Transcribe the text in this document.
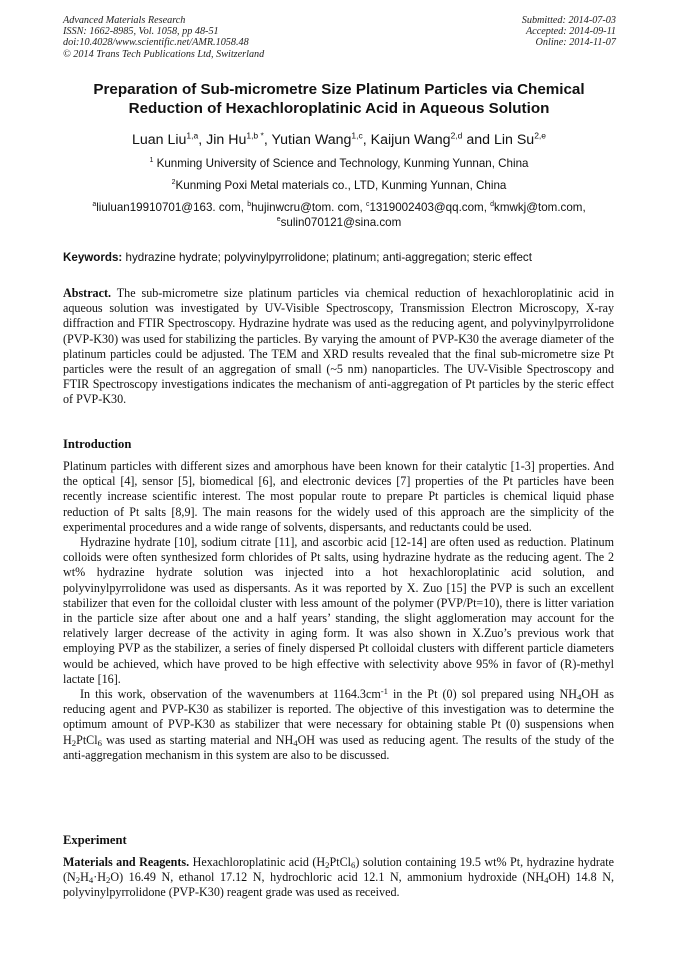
Advanced Materials Research
ISSN: 1662-8985, Vol. 1058, pp 48-51
doi:10.4028/www.scientific.net/AMR.1058.48
© 2014 Trans Tech Publications Ltd, Switzerland
Submitted: 2014-07-03
Accepted: 2014-09-11
Online: 2014-11-07
Preparation of Sub-micrometre Size Platinum Particles via Chemical
Reduction of Hexachloroplatinic Acid in Aqueous Solution
Luan Liu$^{1,a}$, Jin $Hu^{1,b *}$, Yutian Wang$^{1,c}$, Kaijun Wang$^{2,d}$ and Lin Su$^{2,e}$
$^1$ Kunming University of Science and Technology, Kunming Yunnan, China
$^2$Kunming Poxi Metal materials co., LTD, Kunming Yunnan, China
$^a$liuluan19910701@163. com, $^b$hujinwcru@tom. com, $^c$1319002403@qq.com, $^d$kmwkj@tom.com,
$^e$sulin070121@sina.com
Keywords: hydrazine hydrate; polyvinylpyrrolidone; platinum; anti-aggregation; steric effect

Abstract. The sub-micrometre size platinum particles via chemical reduction of hexachloroplatinic acid in aqueous solution was investigated by UV-Visible Spectroscopy, Transmission Electron Microscopy, X-ray diffraction and FTIR Spectroscopy. Hydrazine hydrate was used as the reducing agent, and polyvinylpyrrolidone (PVP-K30) was used for stabilizing the particles. By varying the amount of PVP-K30 the average diameter of the platinum particles could be adjusted. The TEM and XRD results revealed that the final sub-micrometre size Pt particles were the result of an aggregation of small (~5 nm) nanoparticles. The UV-Visible Spectroscopy and FTIR Spectroscopy investigations indicates the mechanism of anti-aggregation of Pt particles by the steric effect of PVP-K30.

Introduction

Platinum particles with different sizes and amorphous have been known for their catalytic [1-3] properties. And the optical [4], sensor [5], biomedical [6], and electronic devices [7] properties of the Pt particles have been recently increase scientific interest. The most popular route to prepare Pt particles is chemical liquid phase reduction of Pt salts [8,9]. The main reasons for the widely used of this approach are the simplicity of the experimental procedures and a wide range of solvents, dispersants, and reductants could be used.

Hydrazine hydrate [10], sodium citrate [11], and ascorbic acid [12-14] are often used as reduction. Platinum colloids were often synthesized form chlorides of Pt salts, using hydrazine hydrate as the reducing agent. The 2 wt% hydrazine hydrate solution was injected into a hot hexachloroplatinic acid solution, and polyvinylpyrrolidone was used as dispersants. As it was reported by X. Zuo [15] the PVP is such an excellent stabilizer that even for the colloidal cluster with less amount of the polymer (PVP/Pt=10), there is litter variation in the particle size after about one and a half years’ standing, the slight agglomeration may account for the relatively larger decrease of the activity in aging form. It was also shown in X.Zuo’s previous work that employing PVP as the stabilizer, a series of finely dispersed Pt colloidal clusters with different particle diameters would be achieved, which have proved to be high effective with selectivity above 95% in favor of (R)-methyl lactate [16].

In this work, observation of the wavenumbers at $1164.3cm^{-1}$ in the Pt (0) sol prepared using $NH_4OH$ as reducing agent and PVP-K30 as stabilizer is reported. The objective of this investigation was to determine the optimum amount of PVP-K30 as stabilizer that were necessary for obtaining stable Pt (0) suspensions when $H_2PtCl_6$ was used as starting material and $NH_4OH$ was used as reducing agent. The results of the study of the anti-aggregation mechanism in this system are also to be discussed.

Experiment

Materials and Reagents. Hexachloroplatinic acid $(H_2PtCl_6)$ solution containing 19.5 wt% Pt, hydrazine hydrate $(N_2H_4\cdot H_2O)$ 16.49 N, ethanol 17.12 N, hydrochloric acid 12.1 N, ammonium hydroxide $(NH_4OH)$ 14.8 N, polyvinylpyrrolidone (PVP-K30) reagent grade was used as received.
